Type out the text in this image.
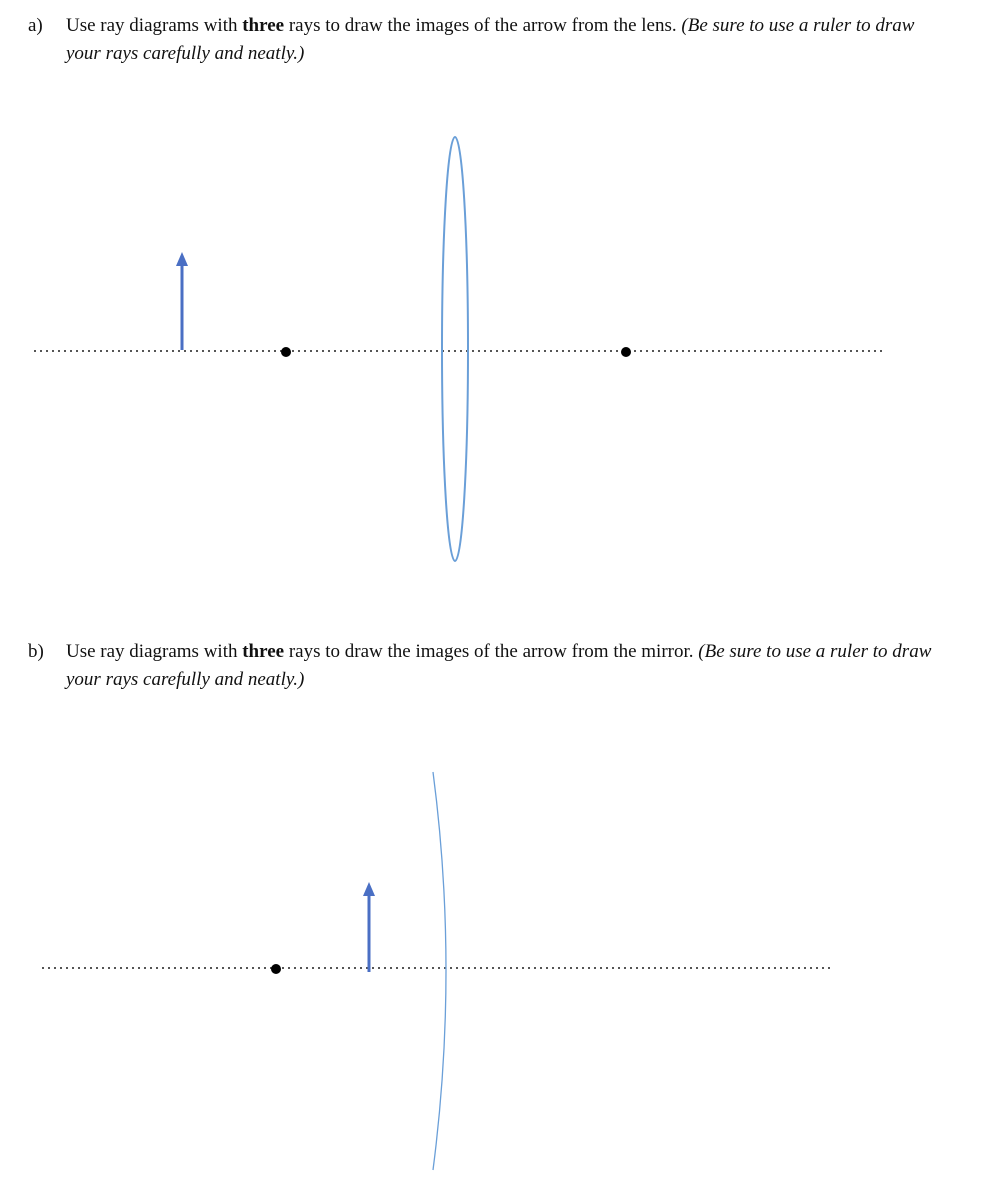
a) Use ray diagrams with three rays to draw the images of the arrow from the lens. (Be sure to use a ruler to draw your rays carefully and neatly.)
b) Use ray diagrams with three rays to draw the images of the arrow from the mirror. (Be sure to use a ruler to draw your rays carefully and neatly.)
